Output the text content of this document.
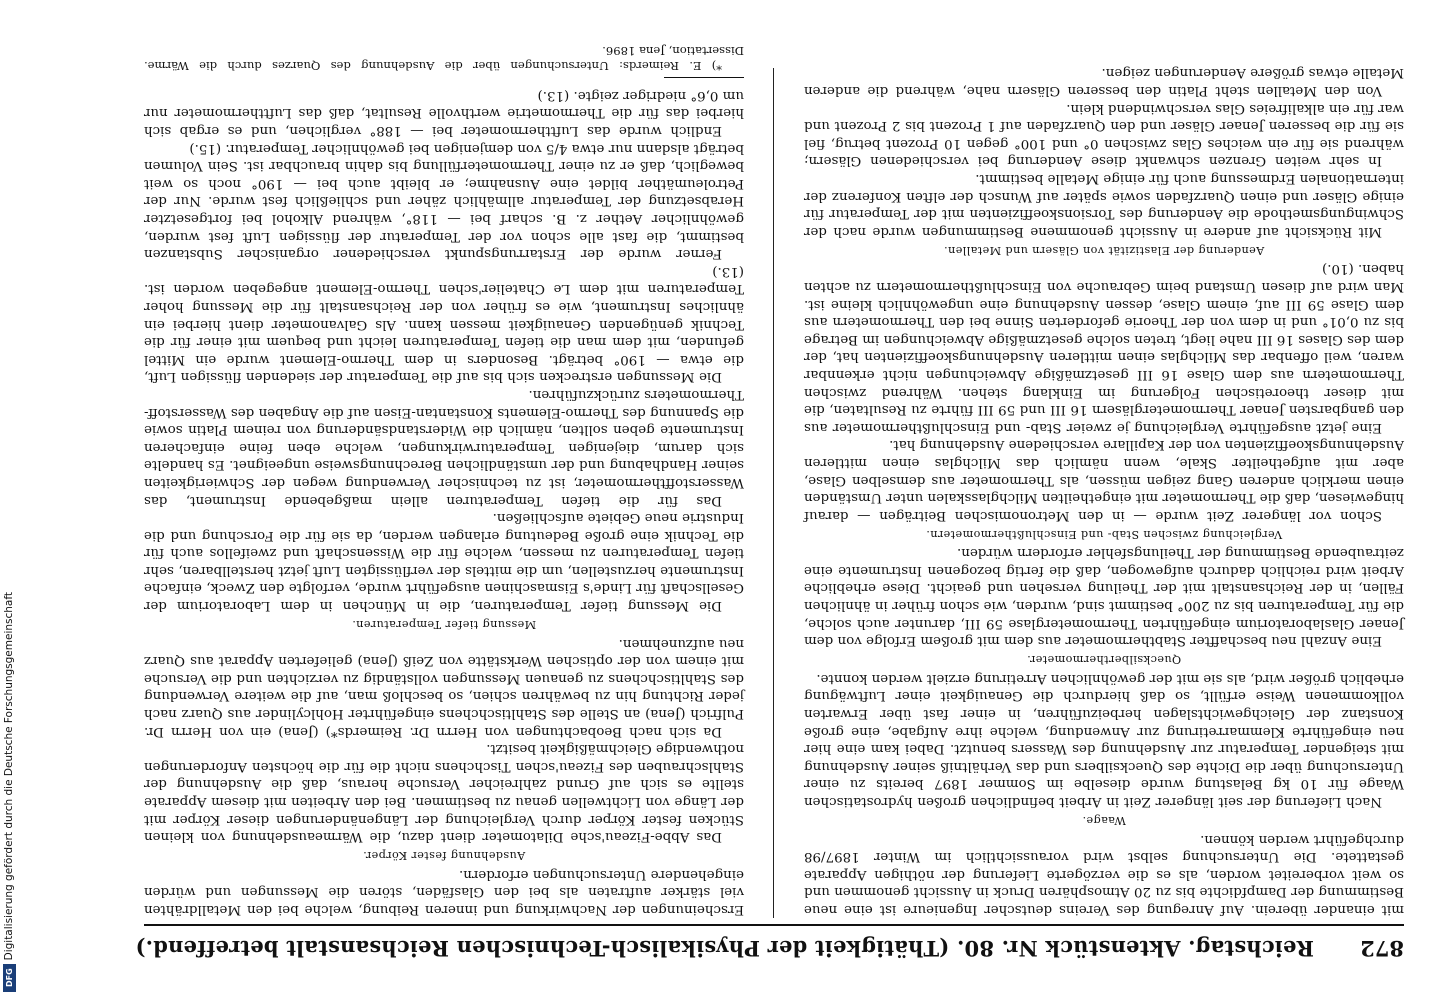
Digitalisierung gefördert durch die Deutsche Forschungsgemeinschaft
DFG
872
Reichstag. Aktenstück Nr. 80. (Thätigkeit der Physikalisch-Technischen Reichsanstalt betreffend.)

mit einander überein. Auf Anregung des Vereins deutscher Ingenieure ist eine neue Bestimmung der Dampfdichte bis zu 20 Atmosphären Druck in Aussicht genommen und so weit vorbereitet worden, als es die verzögerte Lieferung der nöthigen Apparate gestattete. Die Untersuchung selbst wird voraussichtlich im Winter 1897/98 durchgeführt werden können.

Waage.

Nach Lieferung der seit längerer Zeit in Arbeit befindlichen großen hydrostatischen Waage für 10 kg Belastung wurde dieselbe im Sommer 1897 bereits zu einer Untersuchung über die Dichte des Quecksilbers und das Verhältniß seiner Ausdehnung mit steigender Temperatur zur Ausdehnung des Wassers benutzt. Dabei kam eine hier neu eingeführte Klemmarretirung zur Anwendung, welche ihre Aufgabe, eine große Konstanz der Gleichgewichtslagen herbeizuführen, in einer fast über Erwarten vollkommenen Weise erfüllt, so daß hierdurch die Genauigkeit einer Luftwägung erheblich größer wird, als sie mit der gewöhnlichen Arretirung erzielt werden konnte.

Quecksilberthermometer.

Eine Anzahl neu beschaffter Stabthermometer aus dem mit großem Erfolge von dem Jenaer Glaslaboratorium eingeführten Thermometerglase 59 III, darunter auch solche, die für Temperaturen bis zu 200° bestimmt sind, wurden, wie schon früher in ähnlichen Fällen, in der Reichsanstalt mit der Theilung versehen und geaicht. Diese erhebliche Arbeit wird reichlich dadurch aufgewogen, daß die fertig bezogenen Instrumente eine zeitraubende Bestimmung der Theilungsfehler erfordern würden.

Vergleichung zwischen Stab- und Einschlußthermometern.

Schon vor längerer Zeit wurde — in den Metronomischen Beiträgen — darauf hingewiesen, daß die Thermometer mit eingetheilten Milchglasskalen unter Umständen einen merklich anderen Gang zeigen müssen, als Thermometer aus demselben Glase, aber mit aufgetheilter Skale, wenn nämlich das Milchglas einen mittleren Ausdehnungskoeffizienten von der Kapillare verschiedene Ausdehnung hat.

Eine jetzt ausgeführte Vergleichung je zweier Stab- und Einschlußthermometer aus den gangbarsten Jenaer Thermometergläsern 16 III und 59 III führte zu Resultaten, die mit dieser theoretischen Folgerung im Einklang stehen. Während zwischen Thermometern aus dem Glase 16 III gesetzmäßige Abweichungen nicht erkennbar waren, weil offenbar das Milchglas einen mittleren Ausdehnungskoeffizienten hat, der dem des Glases 16 III nahe liegt, treten solche gesetzmäßige Abweichungen im Betrage bis zu 0,01° und in dem von der Theorie geforderten Sinne bei den Thermometern aus dem Glase 59 III auf, einem Glase, dessen Ausdehnung eine ungewöhnlich kleine ist. Man wird auf diesen Umstand beim Gebrauche von Einschlußthermometern zu achten haben. (10.)

Aenderung der Elastizität von Gläsern und Metallen.

Mit Rücksicht auf andere in Aussicht genommene Bestimmungen wurde nach der Schwingungsmethode die Aenderung des Torsionskoeffizienten mit der Temperatur für einige Gläser und einen Quarzfaden sowie später auf Wunsch der elften Konferenz der internationalen Erdmessung auch für einige Metalle bestimmt.

In sehr weiten Grenzen schwankt diese Aenderung bei verschiedenen Gläsern; während sie für ein weiches Glas zwischen 0° und 100° gegen 10 Prozent betrug, fiel sie für die besseren Jenaer Gläser und den Quarzfaden auf 1 Prozent bis 2 Prozent und war für ein alkalifreies Glas verschwindend klein.

Von den Metallen steht Platin den besseren Gläsern nahe, während die anderen Metalle etwas größere Aenderungen zeigen.

Erscheinungen der Nachwirkung und inneren Reibung, welche bei den Metalldrähten viel stärker auftraten als bei den Glasfäden, stören die Messungen und würden eingehendere Untersuchungen erfordern.

Ausdehnung fester Körper.

Das Abbe-Fizeau'sche Dilatometer dient dazu, die Wärmeausdehnung von kleinen Stücken fester Körper durch Vergleichung der Längenänderungen dieser Körper mit der Länge von Lichtwellen genau zu bestimmen. Bei den Arbeiten mit diesem Apparate stellte es sich auf Grund zahlreicher Versuche heraus, daß die Ausdehnung der Stahlschrauben des Fizeau'schen Tischchens nicht die für die höchsten Anforderungen nothwendige Gleichmäßigkeit besitzt.

Da sich nach Beobachtungen von Herrn Dr. Reimerds*) (Jena) ein von Herrn Dr. Pulfrich (Jena) an Stelle des Stahltischchens eingeführter Hohlcylinder aus Quarz nach jeder Richtung hin zu bewähren schien, so beschloß man, auf die weitere Verwendung des Stahltischchens zu genauen Messungen vollständig zu verzichten und die Versuche mit einem von der optischen Werkstätte von Zeiß (Jena) gelieferten Apparat aus Quarz neu aufzunehmen.

Messung tiefer Temperaturen.

Die Messung tiefer Temperaturen, die in München in dem Laboratorium der Gesellschaft für Linde's Eismaschinen ausgeführt wurde, verfolgte den Zweck, einfache Instrumente herzustellen, um die mittels der verflüssigten Luft jetzt herstellbaren, sehr tiefen Temperaturen zu messen, welche für die Wissenschaft und zweifellos auch für die Technik eine große Bedeutung erlangen werden, da sie für die Forschung und die Industrie neue Gebiete aufschließen.

Das für die tiefen Temperaturen allein maßgebende Instrument, das Wasserstoffthermometer, ist zu technischer Verwendung wegen der Schwierigkeiten seiner Handhabung und der umständlichen Berechnungsweise ungeeignet. Es handelte sich darum, diejenigen Temperaturwirkungen, welche eben feine einfacheren Instrumente geben sollten, nämlich die Widerstandsänderung von reinem Platin sowie die Spannung des Thermo-Elements Konstantan-Eisen auf die Angaben des Wasserstoff-Thermometers zurückzuführen.

Die Messungen erstrecken sich bis auf die Temperatur der siedenden flüssigen Luft, die etwa — 190° beträgt. Besonders in dem Thermo-Element wurde ein Mittel gefunden, mit dem man die tiefen Temperaturen leicht und bequem mit einer für die Technik genügenden Genauigkeit messen kann. Als Galvanometer dient hierbei ein ähnliches Instrument, wie es früher von der Reichsanstalt für die Messung hoher Temperaturen mit dem Le Chatelier'schen Thermo-Element angegeben worden ist. (13.)

Ferner wurde der Erstarrungspunkt verschiedener organischer Substanzen bestimmt, die fast alle schon vor der Temperatur der flüssigen Luft fest wurden, gewöhnlicher Aether z. B. scharf bei — 118°, während Alkohol bei fortgesetzter Herabsetzung der Temperatur allmählich zäher und schließlich fest wurde. Nur der Petroleumäther bildet eine Ausnahme; er bleibt auch bei — 190° noch so weit beweglich, daß er zu einer Thermometerfüllung bis dahin brauchbar ist. Sein Volumen beträgt alsdann nur etwa 4/5 von demjenigen bei gewöhnlicher Temperatur. (15.)

Endlich wurde das Luftthermometer bei — 188° verglichen, und es ergab sich hierbei das für die Thermometrie werthvolle Resultat, daß das Luftthermometer nur um 0,6° niedriger zeigte. (13.)

*) E. Reimerds: Untersuchungen über die Ausdehnung des Quarzes durch die Wärme. Dissertation, Jena 1896.
